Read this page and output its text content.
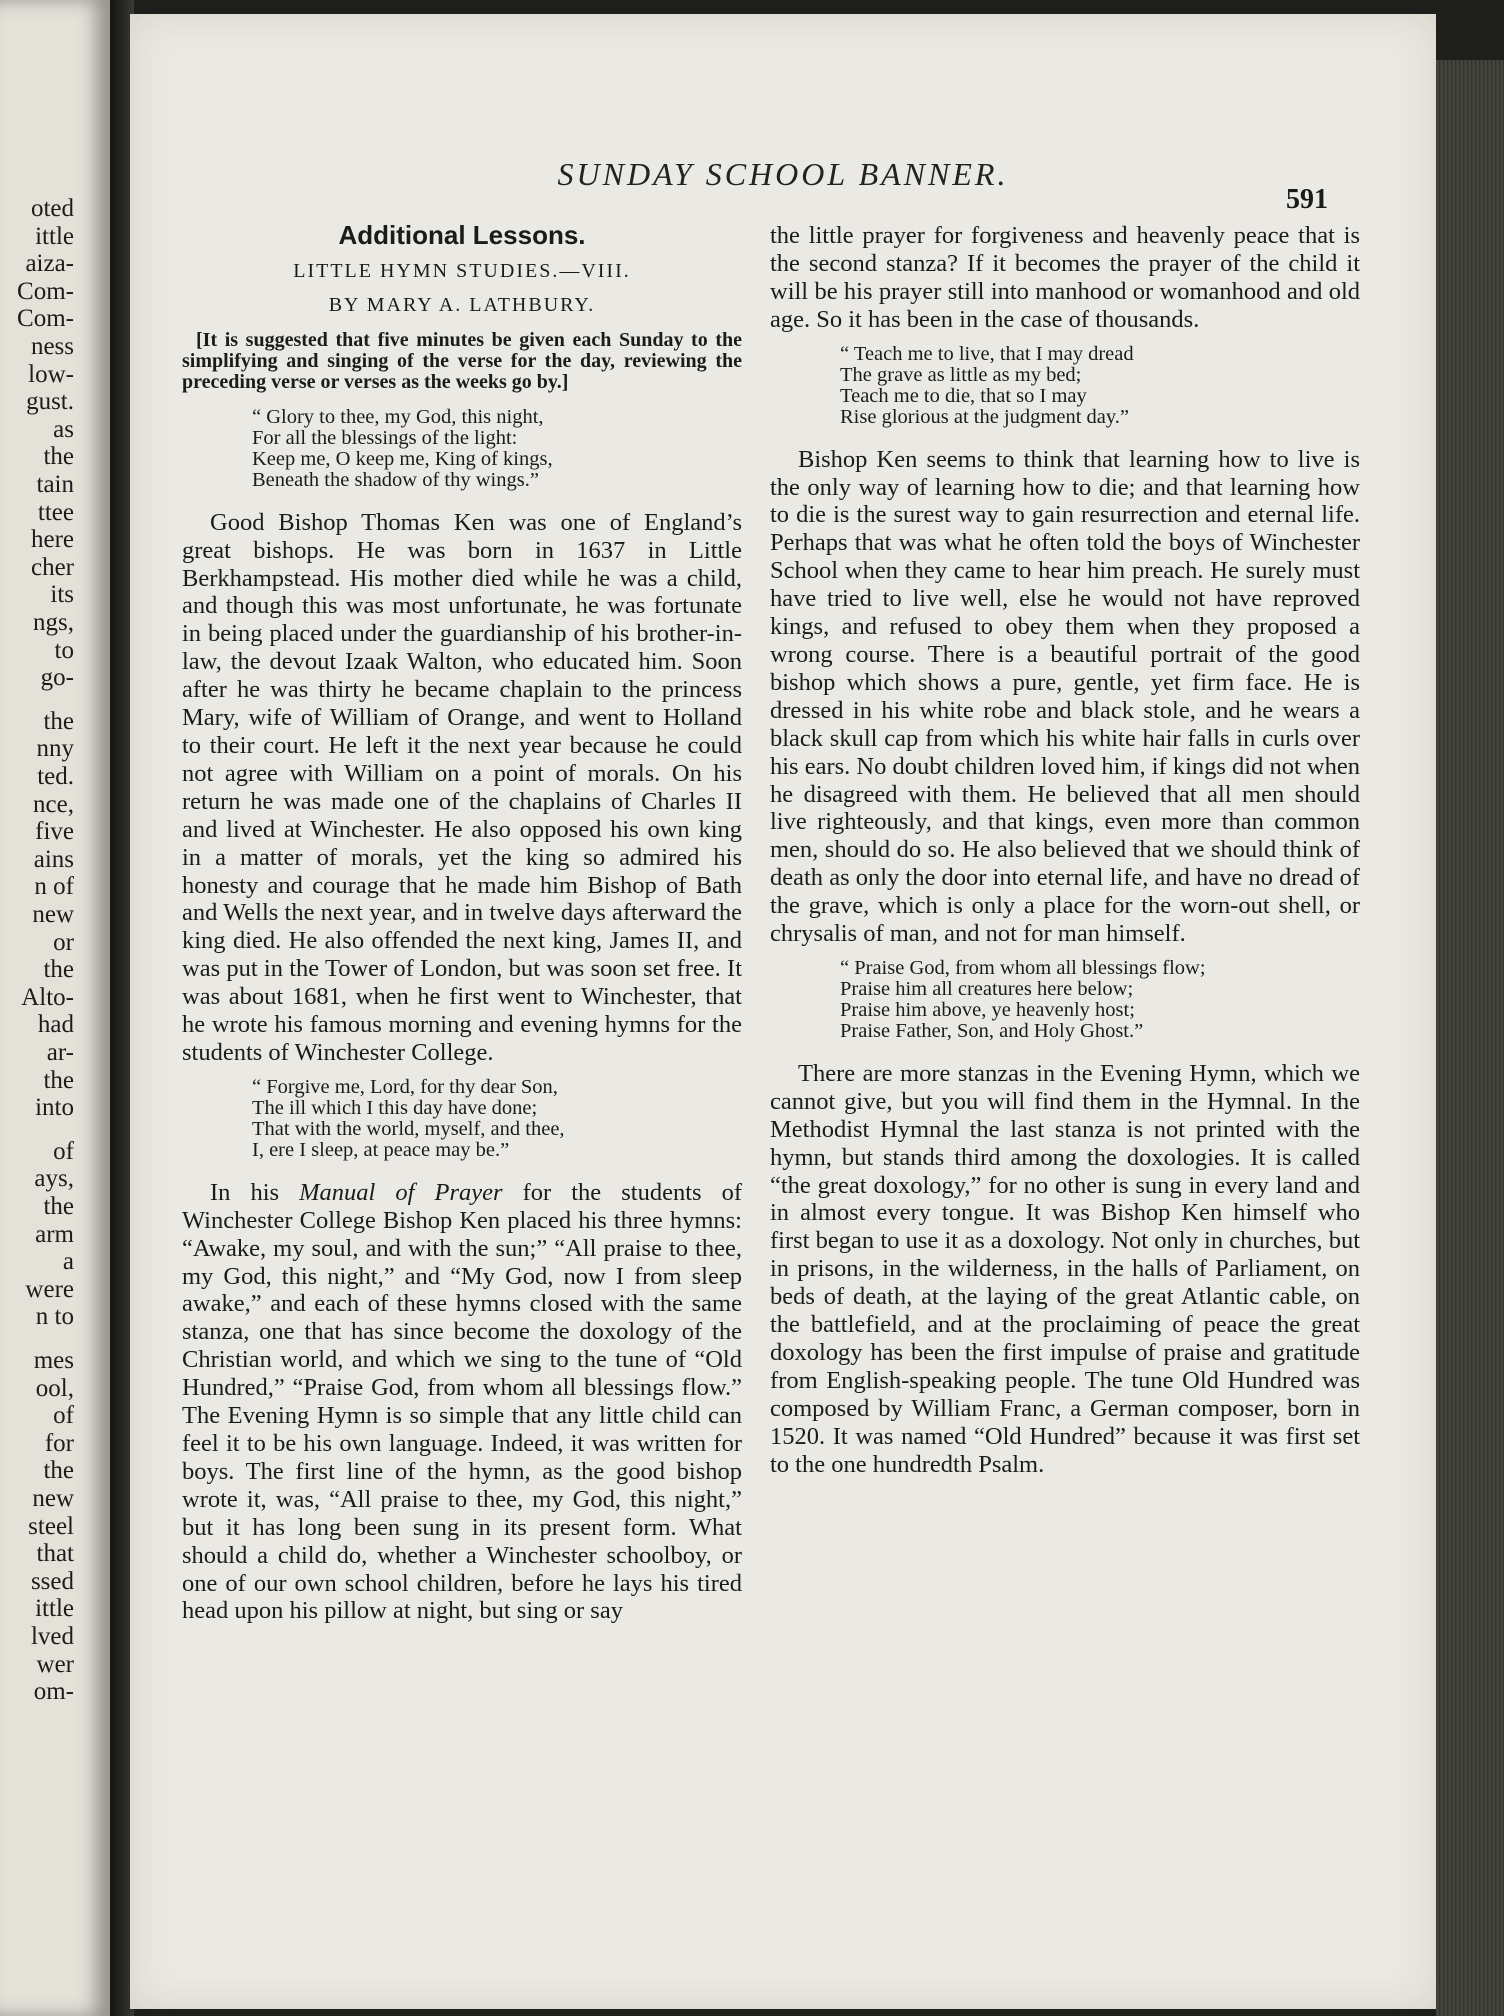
oted
ittle
aiza-
Com-
Com-
ness
low-
gust.
as
the
tain
ttee
here
cher
its
ngs,
to
go-
the
nny
ted.
nce,
five
ains
n of
new
or
the
Alto-
had
ar-
the
into
of
ays,
the
arm
a
were
n to
mes
ool,
of
for
the
new
steel
that
ssed
ittle
lved
wer
om-
SUNDAY SCHOOL BANNER.
591
Additional Lessons.
LITTLE HYMN STUDIES.—VIII.
BY MARY A. LATHBURY.
[It is suggested that five minutes be given each Sunday to the simplifying and singing of the verse for the day, reviewing the preceding verse or verses as the weeks go by.]
“ Glory to thee, my God, this night,
For all the blessings of the light:
Keep me, O keep me, King of kings,
Beneath the shadow of thy wings.”

Good Bishop Thomas Ken was one of England’s great bishops. He was born in 1637 in Little Berkhampstead. His mother died while he was a child, and though this was most unfortunate, he was fortunate in being placed under the guardianship of his brother-in-law, the devout Izaak Walton, who educated him. Soon after he was thirty he became chaplain to the princess Mary, wife of William of Orange, and went to Holland to their court. He left it the next year because he could not agree with William on a point of morals. On his return he was made one of the chaplains of Charles II and lived at Winchester. He also opposed his own king in a matter of morals, yet the king so admired his honesty and courage that he made him Bishop of Bath and Wells the next year, and in twelve days afterward the king died. He also offended the next king, James II, and was put in the Tower of London, but was soon set free. It was about 1681, when he first went to Winchester, that he wrote his famous morning and evening hymns for the students of Winchester College.

“ Forgive me, Lord, for thy dear Son,
The ill which I this day have done;
That with the world, myself, and thee,
I, ere I sleep, at peace may be.”

In his Manual of Prayer for the students of Winchester College Bishop Ken placed his three hymns: “Awake, my soul, and with the sun;” “All praise to thee, my God, this night,” and “My God, now I from sleep awake,” and each of these hymns closed with the same stanza, one that has since become the doxology of the Christian world, and which we sing to the tune of “Old Hundred,” “Praise God, from whom all blessings flow.” The Evening Hymn is so simple that any little child can feel it to be his own language. Indeed, it was written for boys. The first line of the hymn, as the good bishop wrote it, was, “All praise to thee, my God, this night,” but it has long been sung in its present form. What should a child do, whether a Winchester schoolboy, or one of our own school children, before he lays his tired head upon his pillow at night, but sing or say

the little prayer for forgiveness and heavenly peace that is the second stanza? If it becomes the prayer of the child it will be his prayer still into manhood or womanhood and old age. So it has been in the case of thousands.

“ Teach me to live, that I may dread
The grave as little as my bed;
Teach me to die, that so I may
Rise glorious at the judgment day.”

Bishop Ken seems to think that learning how to live is the only way of learning how to die; and that learning how to die is the surest way to gain resurrection and eternal life. Perhaps that was what he often told the boys of Winchester School when they came to hear him preach. He surely must have tried to live well, else he would not have reproved kings, and refused to obey them when they proposed a wrong course. There is a beautiful portrait of the good bishop which shows a pure, gentle, yet firm face. He is dressed in his white robe and black stole, and he wears a black skull cap from which his white hair falls in curls over his ears. No doubt children loved him, if kings did not when he disagreed with them. He believed that all men should live righteously, and that kings, even more than common men, should do so. He also believed that we should think of death as only the door into eternal life, and have no dread of the grave, which is only a place for the worn-out shell, or chrysalis of man, and not for man himself.

“ Praise God, from whom all blessings flow;
Praise him all creatures here below;
Praise him above, ye heavenly host;
Praise Father, Son, and Holy Ghost.”

There are more stanzas in the Evening Hymn, which we cannot give, but you will find them in the Hymnal. In the Methodist Hymnal the last stanza is not printed with the hymn, but stands third among the doxologies. It is called “the great doxology,” for no other is sung in every land and in almost every tongue. It was Bishop Ken himself who first began to use it as a doxology. Not only in churches, but in prisons, in the wilderness, in the halls of Parliament, on beds of death, at the laying of the great Atlantic cable, on the battlefield, and at the proclaiming of peace the great doxology has been the first impulse of praise and gratitude from English-speaking people. The tune Old Hundred was composed by William Franc, a German composer, born in 1520. It was named “Old Hundred” because it was first set to the one hundredth Psalm.
